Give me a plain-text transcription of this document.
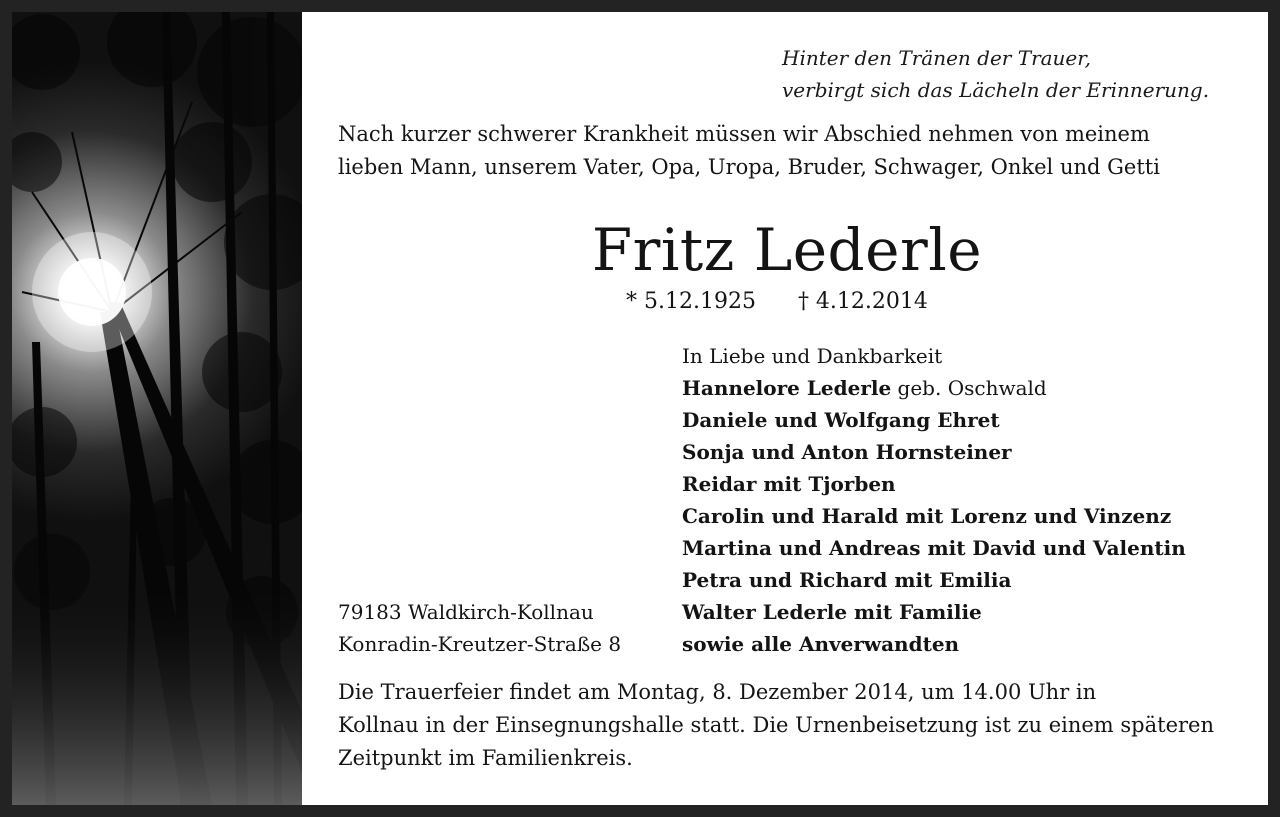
Hinter den Tränen der Trauer,
verbirgt sich das Lächeln der Erinnerung.
Nach kurzer schwerer Krankheit müssen wir Abschied nehmen von meinem
lieben Mann, unserem Vater, Opa, Uropa, Bruder, Schwager, Onkel und Getti
Fritz Lederle
* 5.12.1925 † 4.12.2014
In Liebe und Dankbarkeit
Hannelore Lederle geb. Oschwald
Daniele und Wolfgang Ehret
Sonja und Anton Hornsteiner
Reidar mit Tjorben
Carolin und Harald mit Lorenz und Vinzenz
Martina und Andreas mit David und Valentin
Petra und Richard mit Emilia
Walter Lederle mit Familie
sowie alle Anverwandten
79183 Waldkirch-Kollnau
Konradin-Kreutzer-Straße 8
Die Trauerfeier findet am Montag, 8. Dezember 2014, um 14.00 Uhr in
Kollnau in der Einsegnungshalle statt. Die Urnenbeisetzung ist zu einem späteren
Zeitpunkt im Familienkreis.
